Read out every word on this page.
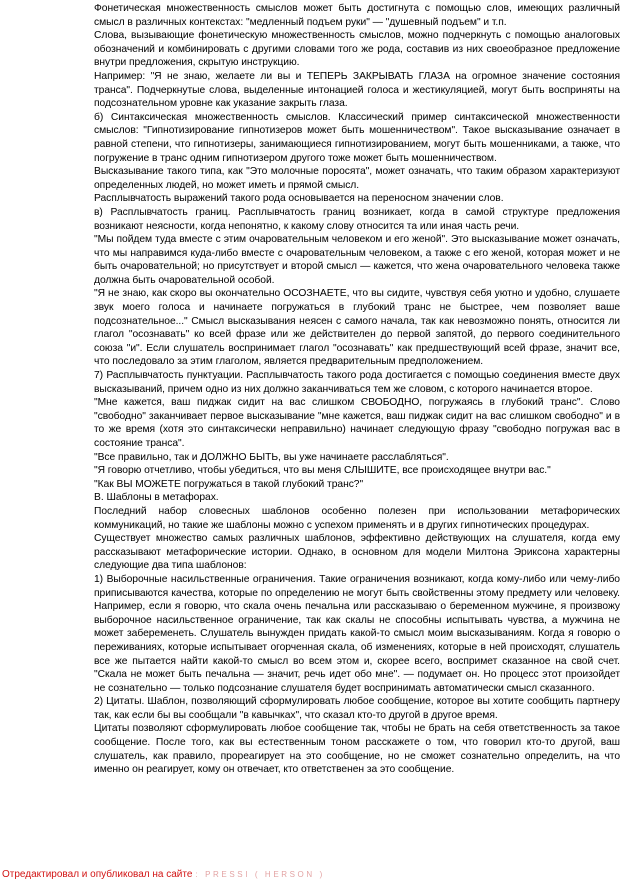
Фонетическая множественность смыслов может быть достигнута с помощью слов, имеющих различный смысл в различных контекстах: "медленный подъем руки" — "душевный подъем" и т.п.

Слова, вызывающие фонетическую множественность смыслов, можно подчеркнуть с помощью аналоговых обозначений и комбинировать с другими словами того же рода, составив из них своеобразное предложение внутри предложения, скрытую инструкцию.

Например: "Я не знаю, желаете ли вы и ТЕПЕРЬ ЗАКРЫВАТЬ ГЛАЗА на огромное значение состояния транса". Подчеркнутые слова, выделенные интонацией голоса и жестикуляцией, могут быть восприняты на подсознательном уровне как указание закрыть глаза.

б) Синтаксическая множественность смыслов. Классический пример синтаксической множественности смыслов: "Гипнотизирование гипнотизеров может быть мошенничеством". Такое высказывание означает в равной степени, что гипнотизеры, занимающиеся гипнотизированием, могут быть мошенниками, а также, что погружение в транс одним гипнотизером другого тоже может быть мошенничеством.

Высказывание такого типа, как "Это молочные поросята", может означать, что таким образом характеризуют определенных людей, но может иметь и прямой смысл.

Расплывчатость выражений такого рода основывается на переносном значении слов.

в) Расплывчатость границ. Расплывчатость границ возникает, когда в самой структуре предложения возникают неясности, когда непонятно, к какому слову относится та или иная часть речи.

"Мы пойдем туда вместе с этим очаровательным человеком и его женой". Это высказывание может означать, что мы направимся куда-либо вместе с очаровательным человеком, а также с его женой, которая может и не быть очаровательной; но присутствует и второй смысл — кажется, что жена очаровательного человека также должна быть очаровательной особой.

"Я не знаю, как скоро вы окончательно ОСОЗНАЕТЕ, что вы сидите, чувствуя себя уютно и удобно, слушаете звук моего голоса и начинаете погружаться в глубокий транс не быстрее, чем позволяет ваше подсознательное..." Смысл высказывания неясен с самого начала, так как невозможно понять, относится ли глагол "осознавать" ко всей фразе или же действителен до первой запятой, до первого соединительного союза "и". Если слушатель воспринимает глагол "осознавать" как предшествующий всей фразе, значит все, что последовало за этим глаголом, является предварительным предположением.

7) Расплывчатость пунктуации. Расплывчатость такого рода достигается с помощью соединения вместе двух высказываний, причем одно из них должно заканчиваться тем же словом, с которого начинается второе.

"Мне кажется, ваш пиджак сидит на вас слишком СВОБОДНО, погружаясь в глубокий транс". Слово "свободно" заканчивает первое высказывание "мне кажется, ваш пиджак сидит на вас слишком свободно" и в то же время (хотя это синтаксически неправильно) начинает следующую фразу "свободно погружая вас в состояние транса".

"Все правильно, так и ДОЛЖНО БЫТЬ, вы уже начинаете расслабляться".

"Я говорю отчетливо, чтобы убедиться, что вы меня СЛЫШИТЕ, все происходящее внутри вас."

"Как ВЫ МОЖЕТЕ погружаться в такой глубокий транс?"

В. Шаблоны в метафорах.

Последний набор словесных шаблонов особенно полезен при использовании метафорических коммуникаций, но такие же шаблоны можно с успехом применять и в других гипнотических процедурах.

Существует множество самых различных шаблонов, эффективно действующих на слушателя, когда ему рассказывают метафорические истории. Однако, в основном для модели Милтона Эриксона характерны следующие два типа шаблонов:

1) Выборочные насильственные ограничения. Такие ограничения возникают, когда кому-либо или чему-либо приписываются качества, которые по определению не могут быть свойственны этому предмету или человеку. Например, если я говорю, что скала очень печальна или рассказываю о беременном мужчине, я произвожу выборочное насильственное ограничение, так как скалы не способны испытывать чувства, а мужчина не может забеременеть. Слушатель вынужден придать какой-то смысл моим высказываниям. Когда я говорю о переживаниях, которые испытывает огорченная скала, об изменениях, которые в ней происходят, слушатель все же пытается найти какой-то смысл во всем этом и, скорее всего, воспримет сказанное на свой счет. "Скала не может быть печальна — значит, речь идет обо мне". — подумает он. Но процесс этот произойдет не сознательно — только подсознание слушателя будет воспринимать автоматически смысл сказанного.

2) Цитаты. Шаблон, позволяющий сформулировать любое сообщение, которое вы хотите сообщить партнеру так, как если бы вы сообщали "в кавычках", что сказал кто-то другой в другое время.

Цитаты позволяют сформулировать любое сообщение так, чтобы не брать на себя ответственность за такое сообщение. После того, как вы естественным тоном расскажете о том, что говорил кто-то другой, ваш слушатель, как правило, прореагирует на это сообщение, но не сможет сознательно определить, на что именно он реагирует, кому он отвечает, кто ответственен за это сообщение.

Отредактировал и опубликовал на сайте : PRESSI ( HERSON )
